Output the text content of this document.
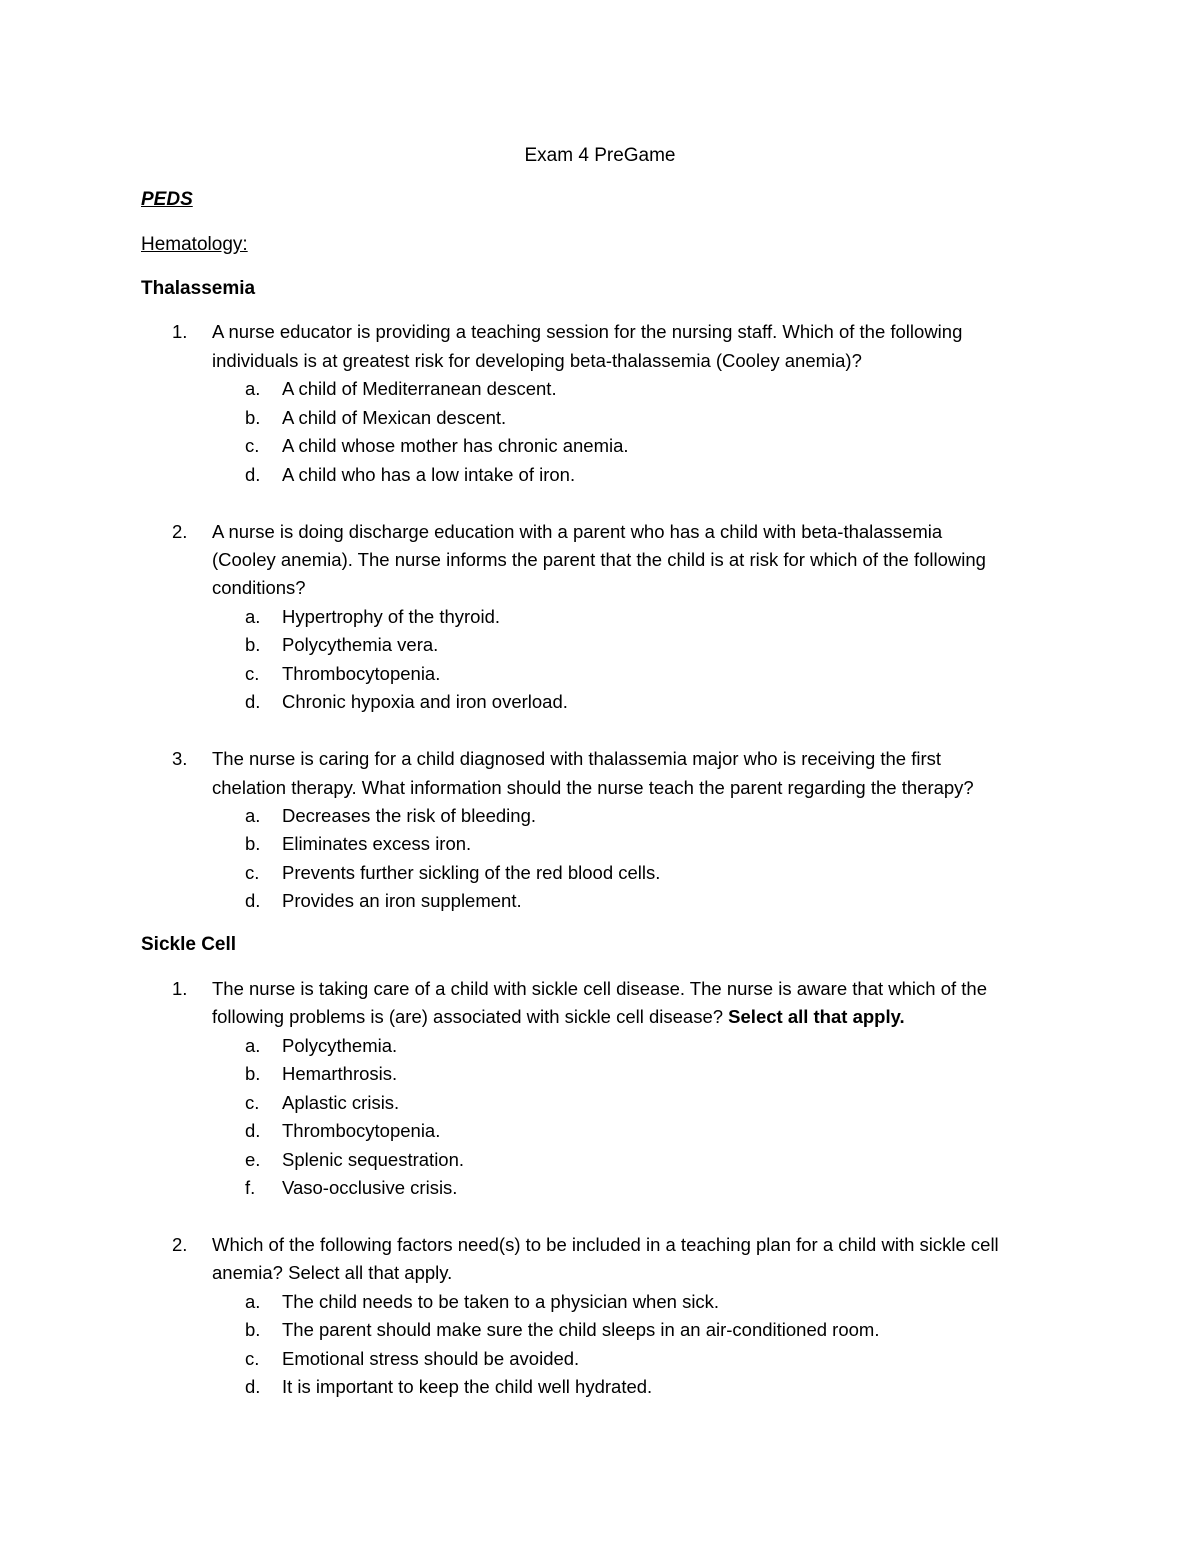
Exam 4 PreGame
PEDS
Hematology:
Thalassemia
1. A nurse educator is providing a teaching session for the nursing staff. Which of the following
individuals is at greatest risk for developing beta-thalassemia (Cooley anemia)?
a. A child of Mediterranean descent.
b. A child of Mexican descent.
c. A child whose mother has chronic anemia.
d. A child who has a low intake of iron.
2. A nurse is doing discharge education with a parent who has a child with beta-thalassemia
(Cooley anemia). The nurse informs the parent that the child is at risk for which of the following
conditions?
a. Hypertrophy of the thyroid.
b. Polycythemia vera.
c. Thrombocytopenia.
d. Chronic hypoxia and iron overload.
3. The nurse is caring for a child diagnosed with thalassemia major who is receiving the first
chelation therapy. What information should the nurse teach the parent regarding the therapy?
a. Decreases the risk of bleeding.
b. Eliminates excess iron.
c. Prevents further sickling of the red blood cells.
d. Provides an iron supplement.
Sickle Cell
1. The nurse is taking care of a child with sickle cell disease. The nurse is aware that which of the
following problems is (are) associated with sickle cell disease? Select all that apply.
a. Polycythemia.
b. Hemarthrosis.
c. Aplastic crisis.
d. Thrombocytopenia.
e. Splenic sequestration.
f. Vaso-occlusive crisis.
2. Which of the following factors need(s) to be included in a teaching plan for a child with sickle cell
anemia? Select all that apply.
a. The child needs to be taken to a physician when sick.
b. The parent should make sure the child sleeps in an air-conditioned room.
c. Emotional stress should be avoided.
d. It is important to keep the child well hydrated.
